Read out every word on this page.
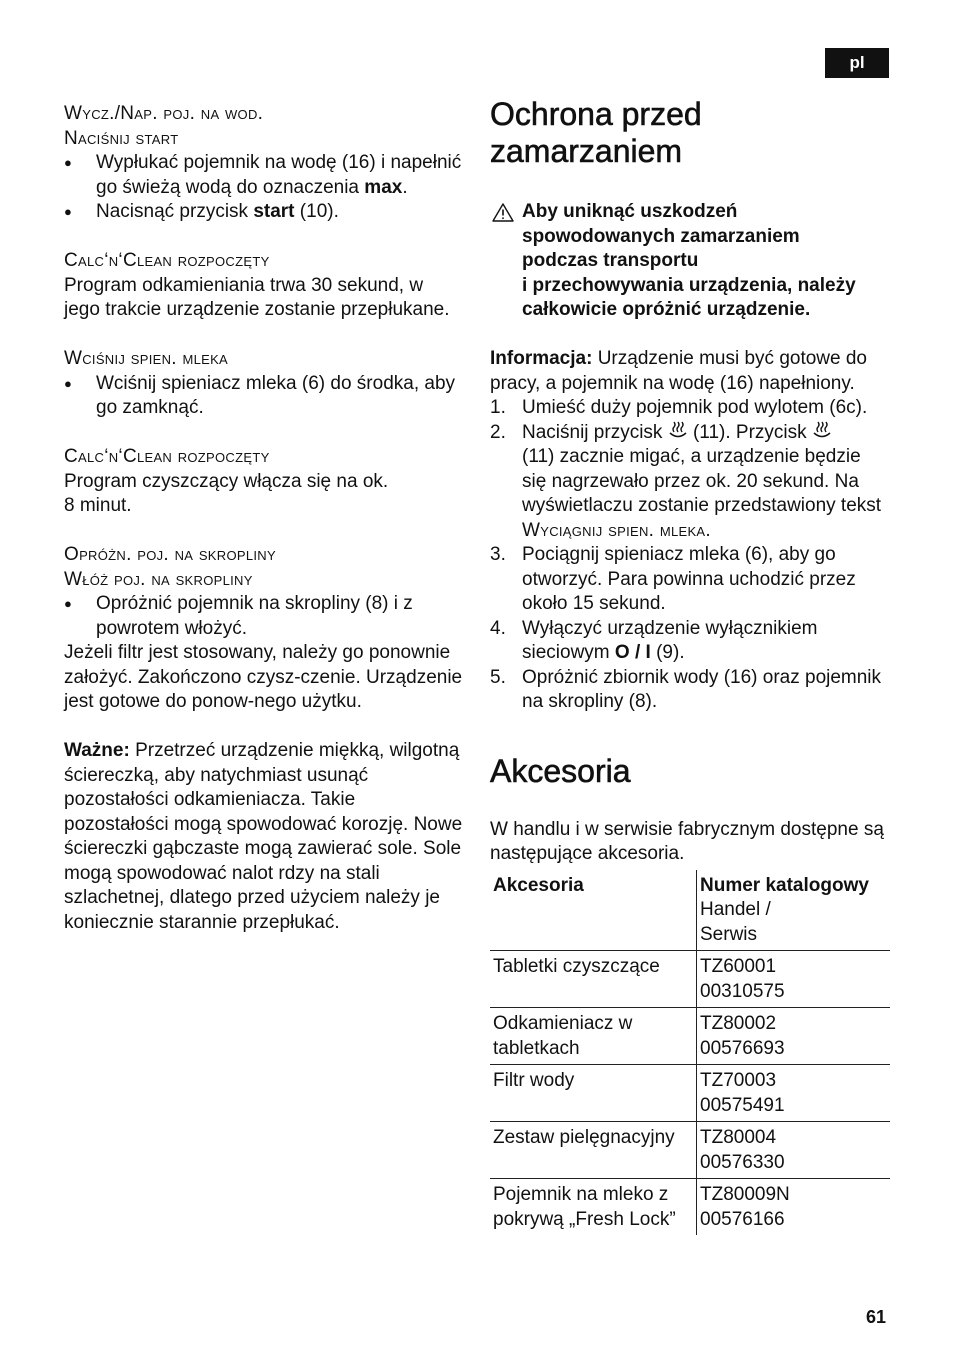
pl
Wycz./Nap. poj. na wod.
Naciśnij start
● Wypłukać pojemnik na wodę (16) i napełnić go świeżą wodą do oznaczenia max.
● Nacisnąć przycisk start (10).
Calc‘n‘Clean rozpoczęty

Program odkamieniania trwa 30 sekund, w jego trakcie urządzenie zostanie przepłukane.

Wciśnij spien. mleka
● Wciśnij spieniacz mleka (6) do środka, aby go zamknąć.
Calc‘n‘Clean rozpoczęty

Program czyszczący włącza się na ok.

8 minut.

Opróżn. poj. na skropliny
Włóż poj. na skropliny
● Opróżnić pojemnik na skropliny (8) i z powrotem włożyć.

Jeżeli filtr jest stosowany, należy go ponownie założyć. Zakończono czysz-czenie. Urządzenie jest gotowe do ponow-nego użytku.

Ważne: Przetrzeć urządzenie miękką, wilgotną ściereczką, aby natychmiast usunąć pozostałości odkamieniacza. Takie pozostałości mogą spowodować korozję. Nowe ściereczki gąbczaste mogą zawierać sole. Sole mogą spowodować nalot rdzy na stali szlachetnej, dlatego przed użyciem należy je koniecznie starannie przepłukać.

Ochrona przed zamarzaniem
Aby uniknąć uszkodzeń
spowodowanych zamarzaniem
podczas transportu
i przechowywania urządzenia, należy
całkowicie opróżnić urządzenie.

Informacja: Urządzenie musi być gotowe do pracy, a pojemnik na wodę (16) napełniony.

1. Umieść duży pojemnik pod wylotem (6c).
2. Naciśnij przycisk  (11). Przycisk
(11) zacznie migać, a urządzenie będzie się nagrzewało przez ok. 20 sekund. Na wyświetlaczu zostanie przedstawiony tekst Wyciągnij spien. mleka.
3. Pociągnij spieniacz mleka (6), aby go otworzyć. Para powinna uchodzić przez około 15 sekund.
4. Wyłączyć urządzenie wyłącznikiem sieciowym O / I (9).
5. Opróżnić zbiornik wody (16) oraz pojemnik na skropliny (8).
Akcesoria

W handlu i w serwisie fabrycznym dostępne są następujące akcesoria.

Akcesoria	Numer katalogowy
Handel / Serwis
Tabletki czyszczące	TZ60001
00310575
Odkamieniacz w tabletkach	TZ80002
00576693
Filtr wody	TZ70003
00575491
Zestaw pielęgnacyjny	TZ80004
00576330
Pojemnik na mleko z pokrywą „Fresh Lock”	TZ80009N
00576166
61
